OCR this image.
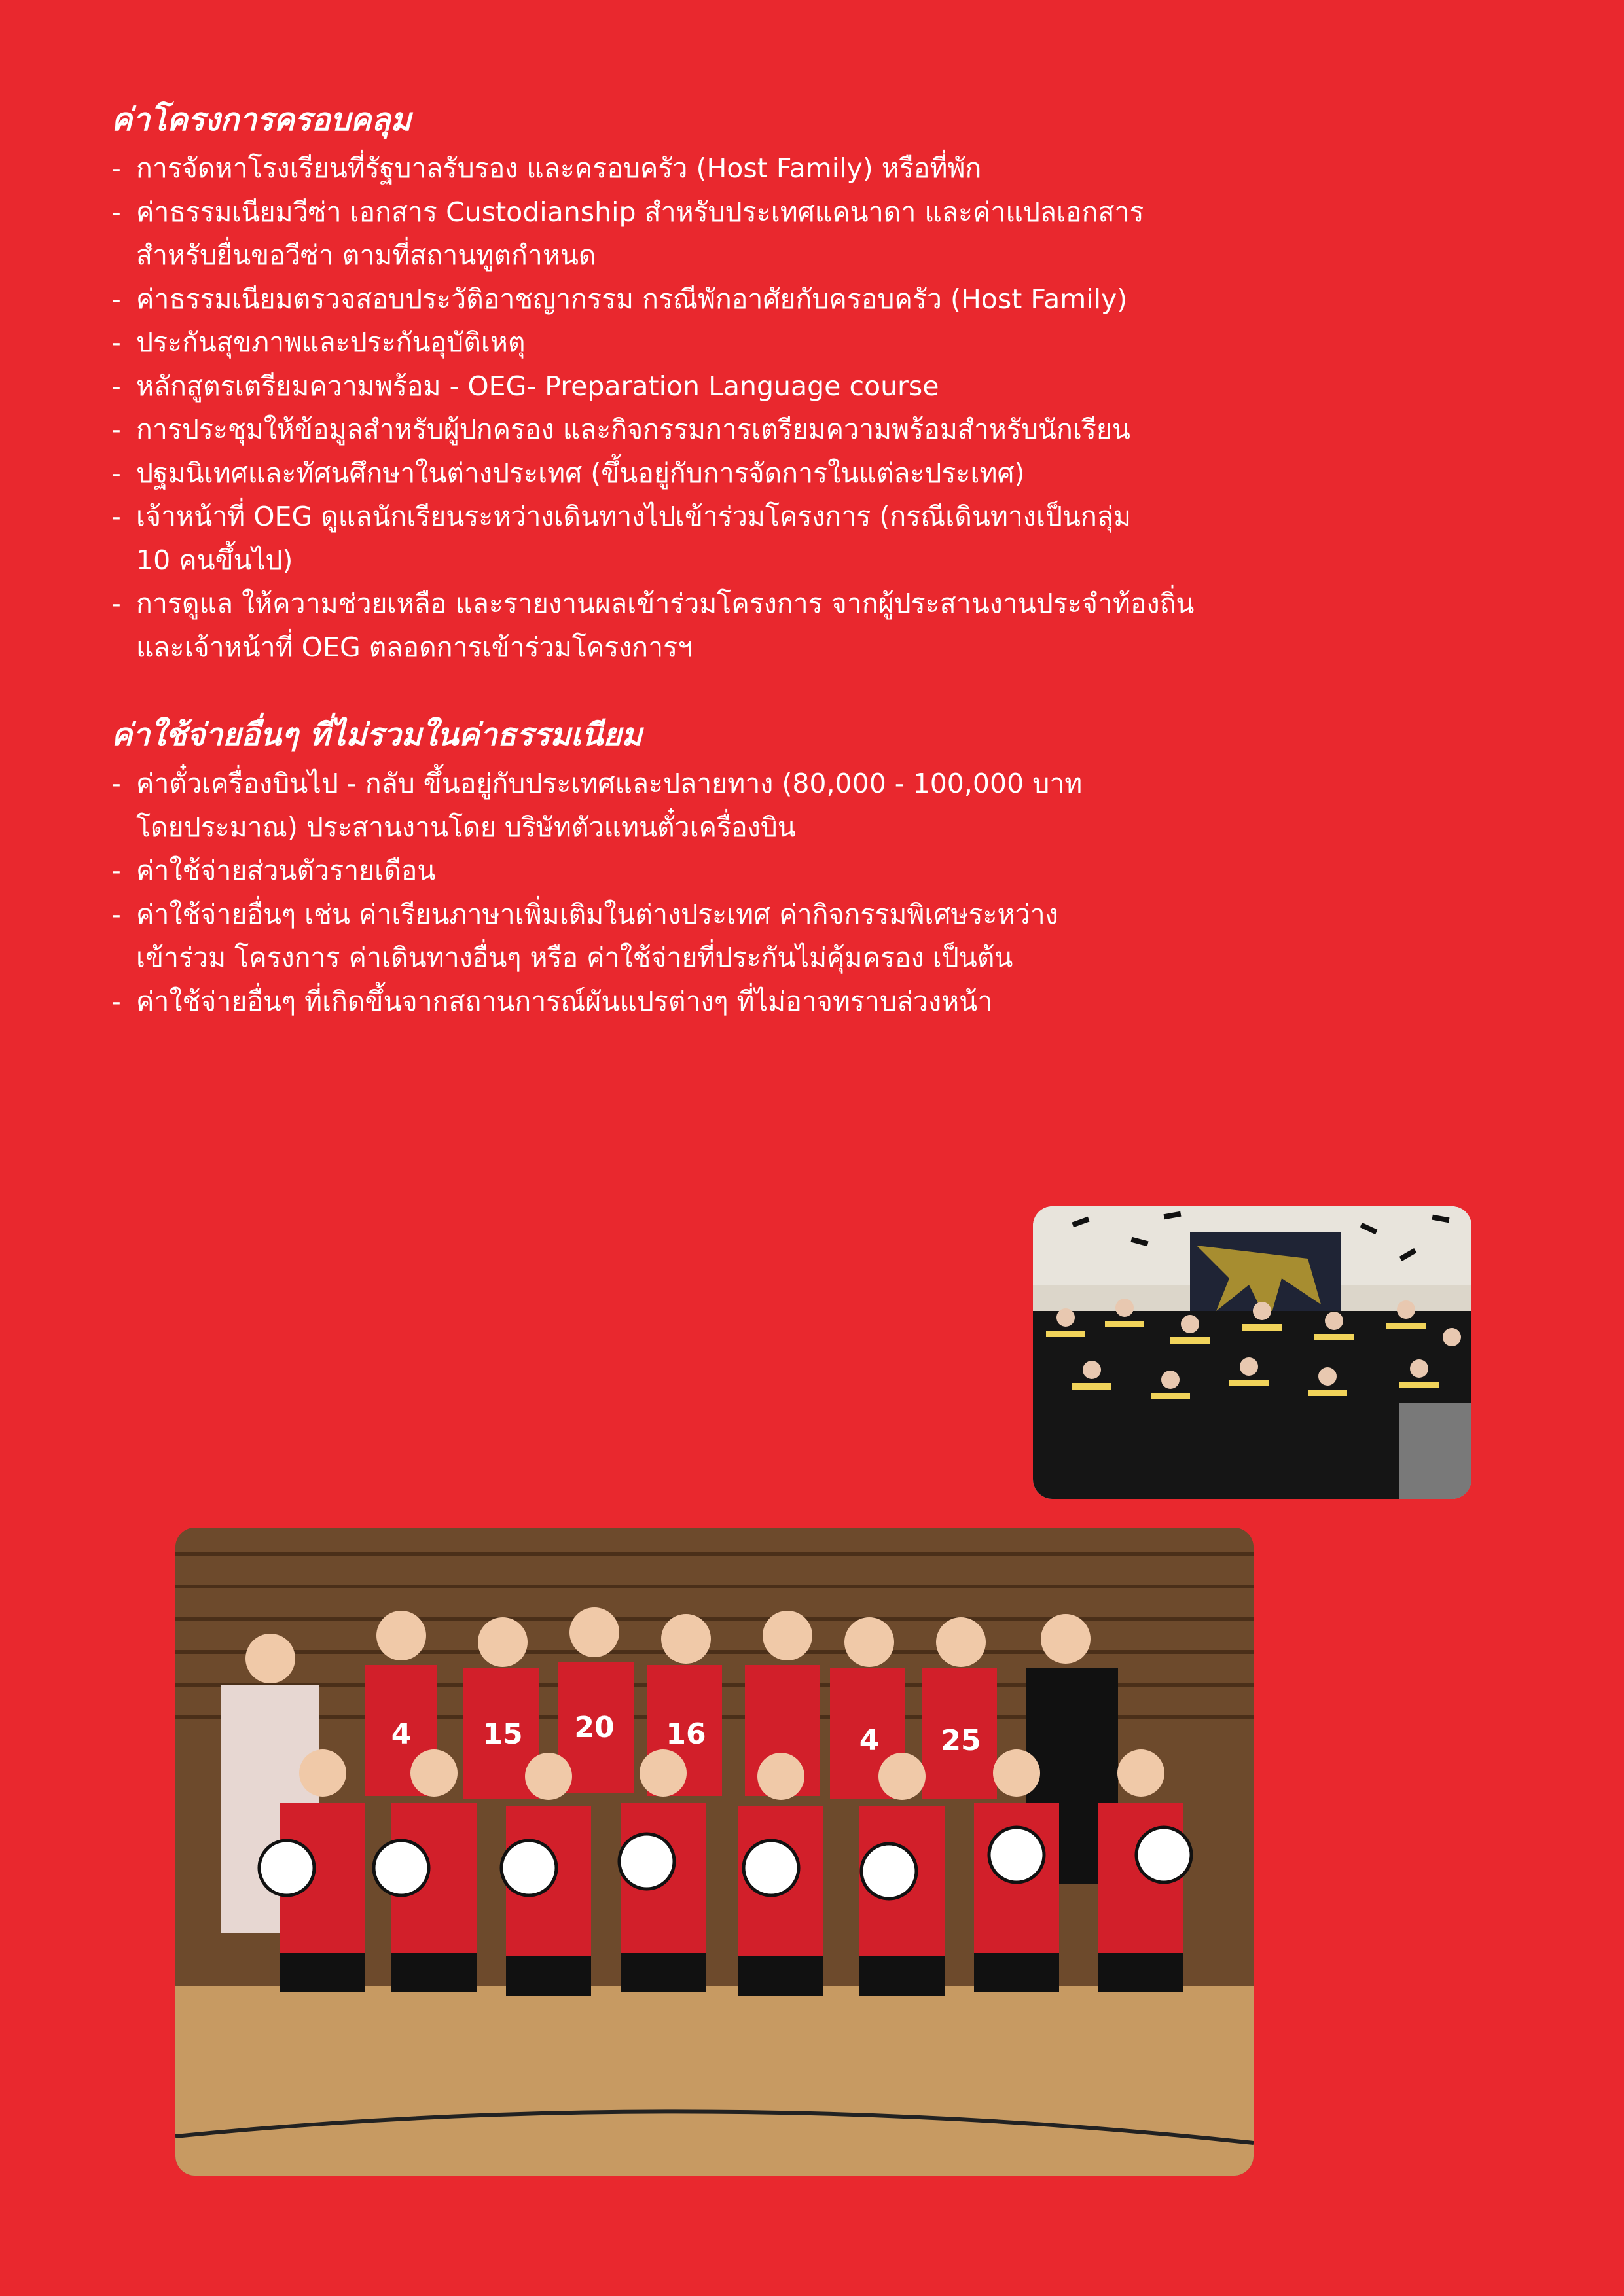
ค่าโครงการครอบคลุม
- การจัดหาโรงเรียนที่รัฐบาลรับรอง และครอบครัว (Host Family) หรือที่พัก
- ค่าธรรมเนียมวีซ่า เอกสาร Custodianship สำหรับประเทศแคนาดา และค่าแปลเอกสาร
สำหรับยื่นขอวีซ่า ตามที่สถานทูตกำหนด
- ค่าธรรมเนียมตรวจสอบประวัติอาชญากรรม กรณีพักอาศัยกับครอบครัว (Host Family)
- ประกันสุขภาพและประกันอุบัติเหตุ
- หลักสูตรเตรียมความพร้อม - OEG- Preparation Language course
- การประชุมให้ข้อมูลสำหรับผู้ปกครอง และกิจกรรมการเตรียมความพร้อมสำหรับนักเรียน
- ปฐมนิเทศและทัศนศึกษาในต่างประเทศ (ขึ้นอยู่กับการจัดการในแต่ละประเทศ)
- เจ้าหน้าที่ OEG ดูแลนักเรียนระหว่างเดินทางไปเข้าร่วมโครงการ (กรณีเดินทางเป็นกลุ่ม
10 คนขึ้นไป)
- การดูแล ให้ความช่วยเหลือ และรายงานผลเข้าร่วมโครงการ จากผู้ประสานงานประจำท้องถิ่น
และเจ้าหน้าที่ OEG ตลอดการเข้าร่วมโครงการฯ
ค่าใช้จ่ายอื่นๆ ที่ไม่รวมในค่าธรรมเนียม
- ค่าตั๋วเครื่องบินไป - กลับ ขึ้นอยู่กับประเทศและปลายทาง (80,000 - 100,000 บาท
โดยประมาณ) ประสานงานโดย บริษัทตัวแทนตั๋วเครื่องบิน
- ค่าใช้จ่ายส่วนตัวรายเดือน
- ค่าใช้จ่ายอื่นๆ เช่น ค่าเรียนภาษาเพิ่มเติมในต่างประเทศ ค่ากิจกรรมพิเศษระหว่าง
เข้าร่วม โครงการ ค่าเดินทางอื่นๆ หรือ ค่าใช้จ่ายที่ประกันไม่คุ้มครอง เป็นต้น
- ค่าใช้จ่ายอื่นๆ ที่เกิดขึ้นจากสถานการณ์ผันแปรต่างๆ ที่ไม่อาจทราบล่วงหน้า
4 15 20 16	4 25
